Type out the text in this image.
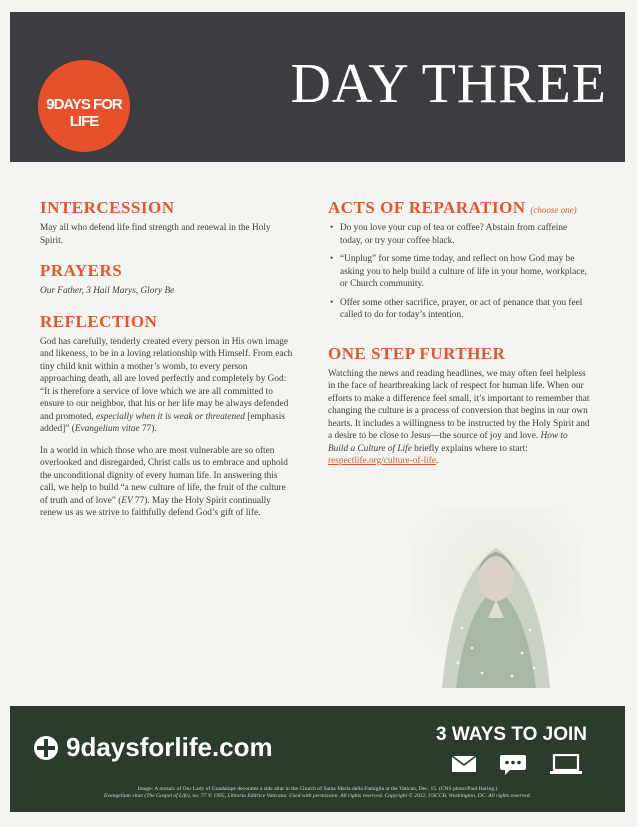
9DAYS FOR LIFE
DAY THREE
INTERCESSION

May all who defend life find strength and renewal in the Holy Spirit.

PRAYERS

Our Father, 3 Hail Marys, Glory Be

REFLECTION

God has carefully, tenderly created every person in His own image and likeness, to be in a loving relationship with Himself. From each tiny child knit within a mother’s womb, to every person approaching death, all are loved perfectly and completely by God: “It is therefore a service of love which we are all committed to ensure to our neighbor, that his or her life may be always defended and promoted, especially when it is weak or threatened [emphasis added]” (Evangelium vitae 77).

In a world in which those who are most vulnerable are so often overlooked and disregarded, Christ calls us to embrace and uphold the unconditional dignity of every human life. In answering this call, we help to build “a new culture of life, the fruit of the culture of truth and of love” (EV 77). May the Holy Spirit continually renew us as we strive to faithfully defend God’s gift of life.

ACTS OF REPARATION (choose one)
• Do you love your cup of tea or coffee? Abstain from caffeine today, or try your coffee black.
• “Unplug” for some time today, and reflect on how God may be asking you to help build a culture of life in your home, workplace, or Church community.
• Offer some other sacrifice, prayer, or act of penance that you feel called to do for today’s intention.
ONE STEP FURTHER

Watching the news and reading headlines, we may often feel helpless in the face of heartbreaking lack of respect for human life. When our efforts to make a difference feel small, it’s important to remember that changing the culture is a process of conversion that begins in our own hearts. It includes a willingness to be instructed by the Holy Spirit and a desire to be close to Jesus—the source of joy and love. How to Build a Culture of Life briefly explains where to start: respectlife.org/culture-of-life.

9daysforlife.com	3 WAYS TO JOIN
Image: A mosaic of Our Lady of Guadalupe decorates a side altar in the Church of Santa Maria della Famiglia at the Vatican, Dec. 15. (CNS photo/Paul Haring.)
Evangelium vitae (The Gospel of Life), no. 77 © 1995, Libreria Editrice Vaticana. Used with permission. All rights reserved. Copyright © 2022, USCCB, Washington, DC. All rights reserved.
